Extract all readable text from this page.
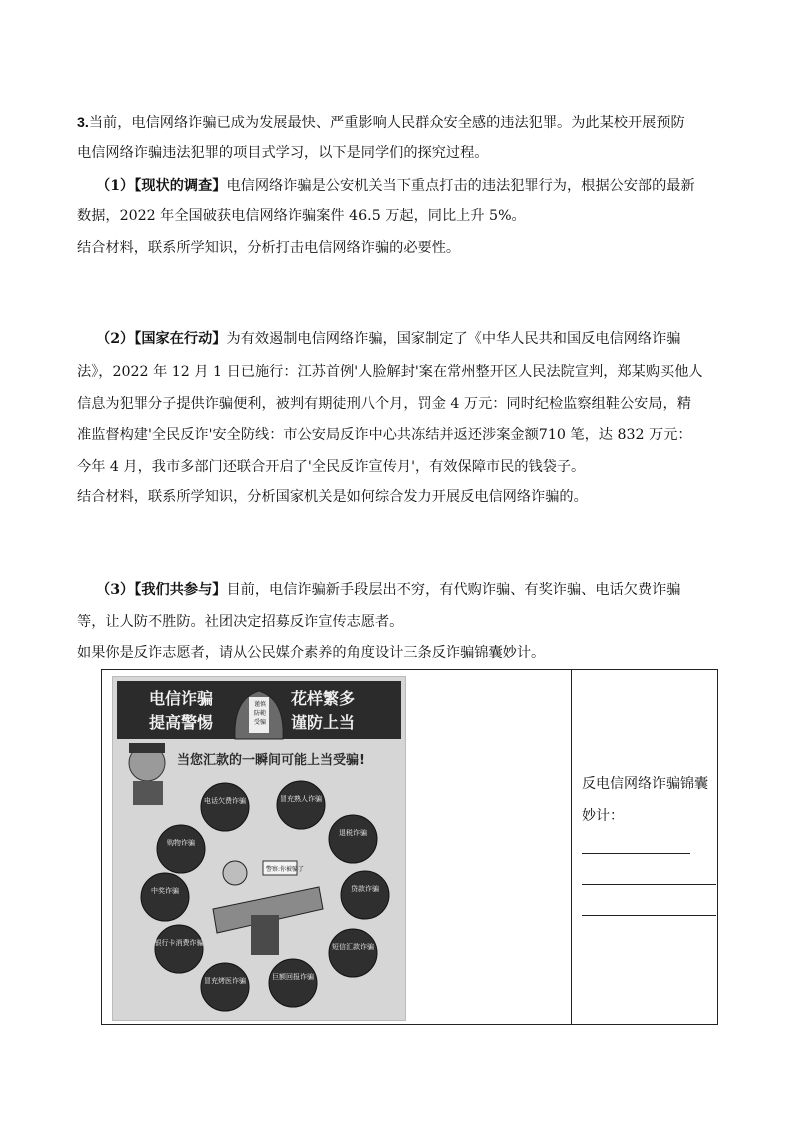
3.当前，电信网络诈骗已成为发展最快、严重影响人民群众安全感的违法犯罪。为此某校开展预防
电信网络诈骗违法犯罪的项目式学习，以下是同学们的探究过程。
（1）【现状的调查】电信网络诈骗是公安机关当下重点打击的违法犯罪行为，根据公安部的最新
数据，2022 年全国破获电信网络诈骗案件 46.5 万起，同比上升 5%。
结合材料，联系所学知识，分析打击电信网络诈骗的必要性。
（2）【国家在行动】为有效遏制电信网络诈骗，国家制定了《中华人民共和国反电信网络诈骗
法》，2022 年 12 月 1 日已施行：江苏首例'人脸解封'案在常州整开区人民法院宣判，郑某购买他人
信息为犯罪分子提供诈骗便利，被判有期徒刑八个月，罚金 4 万元：同时纪检监察组鞋公安局，精
准监督构建'全民反诈'安全防线：市公安局反诈中心共冻结并返还涉案金额710 笔，达 832 万元：
今年 4 月，我市多部门还联合开启了'全民反诈宣传月'，有效保障市民的钱袋子。
结合材料，联系所学知识，分析国家机关是如何综合发力开展反电信网络诈骗的。
（3）【我们共参与】目前，电信诈骗新手段层出不穷，有代购诈骗、有奖诈骗、电话欠费诈骗
等，让人防不胜防。社团决定招募反诈宣传志愿者。
如果你是反诈志愿者，请从公民媒介素养的角度设计三条反诈骗锦囊妙计。
电信诈骗
提高警惕
花样繁多
谨防上当
谨慎
防範
受骗
当您汇款的一瞬间可能上当受骗!
电话欠费诈骗	冒充熟人诈骗
购物诈骗
退税诈骗
中奖诈骗	贷款诈骗
银行卡消费诈骗	短信汇款诈骗
冒充烤医诈骗	巨额回报诈骗
警察:你被骗了
反电信网络诈骗锦囊
妙计：
